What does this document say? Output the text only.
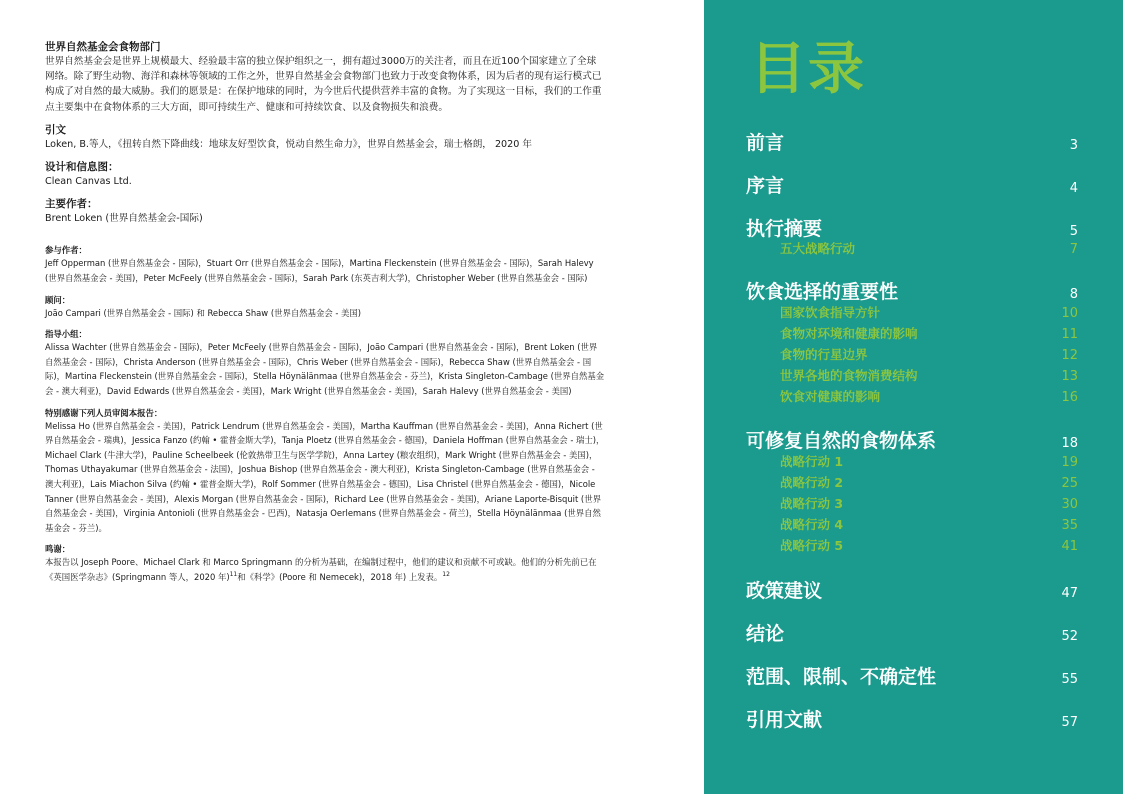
世界自然基金会食物部门

世界自然基金会是世界上规模最大、经验最丰富的独立保护组织之一，拥有超过3000万的关注者，而且在近100个国家建立了全球网络。除了野生动物、海洋和森林等领域的工作之外，世界自然基金会食物部门也致力于改变食物体系，因为后者的现有运行模式已构成了对自然的最大威胁。我们的愿景是：在保护地球的同时，为今世后代提供营养丰富的食物。为了实现这一目标，我们的工作重点主要集中在食物体系的三大方面，即可持续生产、健康和可持续饮食、以及食物损失和浪费。

引文

Loken, B.等人，《扭转自然下降曲线：地球友好型饮食，悦动自然生命力》，世界自然基金会，瑞士格朗， 2020 年

设计和信息图：

Clean Canvas Ltd.

主要作者：

Brent Loken (世界自然基金会-国际)

参与作者：
Jeff Opperman (世界自然基金会 - 国际)，Stuart Orr (世界自然基金会 - 国际)，Martina Fleckenstein (世界自然基金会 - 国际)，Sarah Halevy (世界自然基金会 - 美国)，Peter McFeely (世界自然基金会 - 国际)，Sarah Park (东英吉利大学)，Christopher Weber (世界自然基金会 - 国际)
顾问：
João Campari (世界自然基金会 - 国际) 和 Rebecca Shaw (世界自然基金会 - 美国)
指导小组：
Alissa Wachter (世界自然基金会 - 国际)，Peter McFeely (世界自然基金会 - 国际)，João Campari (世界自然基金会 - 国际)，Brent Loken (世界自然基金会 - 国际)，Christa Anderson (世界自然基金会 - 国际)，Chris Weber (世界自然基金会 - 国际)，Rebecca Shaw (世界自然基金会 - 国际)，Martina Fleckenstein (世界自然基金会 - 国际)，Stella Höynälänmaa (世界自然基金会 - 芬兰)，Krista Singleton-Cambage (世界自然基金会 - 澳大利亚)，David Edwards (世界自然基金会 - 美国)，Mark Wright (世界自然基金会 - 美国)，Sarah Halevy (世界自然基金会 - 美国)
特别感谢下列人员审阅本报告：
Melissa Ho (世界自然基金会 - 美国)，Patrick Lendrum (世界自然基金会 - 美国)，Martha Kauffman (世界自然基金会 - 美国)，Anna Richert (世界自然基金会 - 瑞典)，Jessica Fanzo (约翰 • 霍普金斯大学)，Tanja Ploetz (世界自然基金会 - 德国)，Daniela Hoffman (世界自然基金会 - 瑞士)，Michael Clark (牛津大学)，Pauline Scheelbeek (伦敦热带卫生与医学学院)，Anna Lartey (粮农组织)，Mark Wright (世界自然基金会 - 美国)，Thomas Uthayakumar (世界自然基金会 - 法国)，Joshua Bishop (世界自然基金会 - 澳大利亚)，Krista Singleton-Cambage (世界自然基金会 - 澳大利亚)，Lais Miachon Silva (约翰 • 霍普金斯大学)，Rolf Sommer (世界自然基金会 - 德国)，Lisa Christel (世界自然基金会 - 德国)，Nicole Tanner (世界自然基金会 - 美国)，Alexis Morgan (世界自然基金会 - 国际)，Richard Lee (世界自然基金会 - 美国)，Ariane Laporte-Bisquit (世界自然基金会 - 美国)，Virginia Antonioli (世界自然基金会 - 巴西)，Natasja Oerlemans (世界自然基金会 - 荷兰)，Stella Höynälänmaa (世界自然基金会 - 芬兰)。
鸣谢：
本报告以 Joseph Poore、Michael Clark 和 Marco Springmann 的分析为基础，在编制过程中，他们的建议和贡献不可或缺。他们的分析先前已在《英国医学杂志》(Springmann 等人，2020 年)$^{11}$和《科学》(Poore 和 Nemecek)，2018 年) 上发表。$^{12}$
目录
前言	3
序言	4
执行摘要	5
五大战略行动	7
饮食选择的重要性	8
国家饮食指导方针	10
食物对环境和健康的影响	11
食物的行星边界	12
世界各地的食物消费结构	13
饮食对健康的影响	16
可修复自然的食物体系	18
战略行动 1	19
战略行动 2	25
战略行动 3	30
战略行动 4	35
战略行动 5	41
政策建议	47
结论	52
范围、限制、不确定性	55
引用文献	57
